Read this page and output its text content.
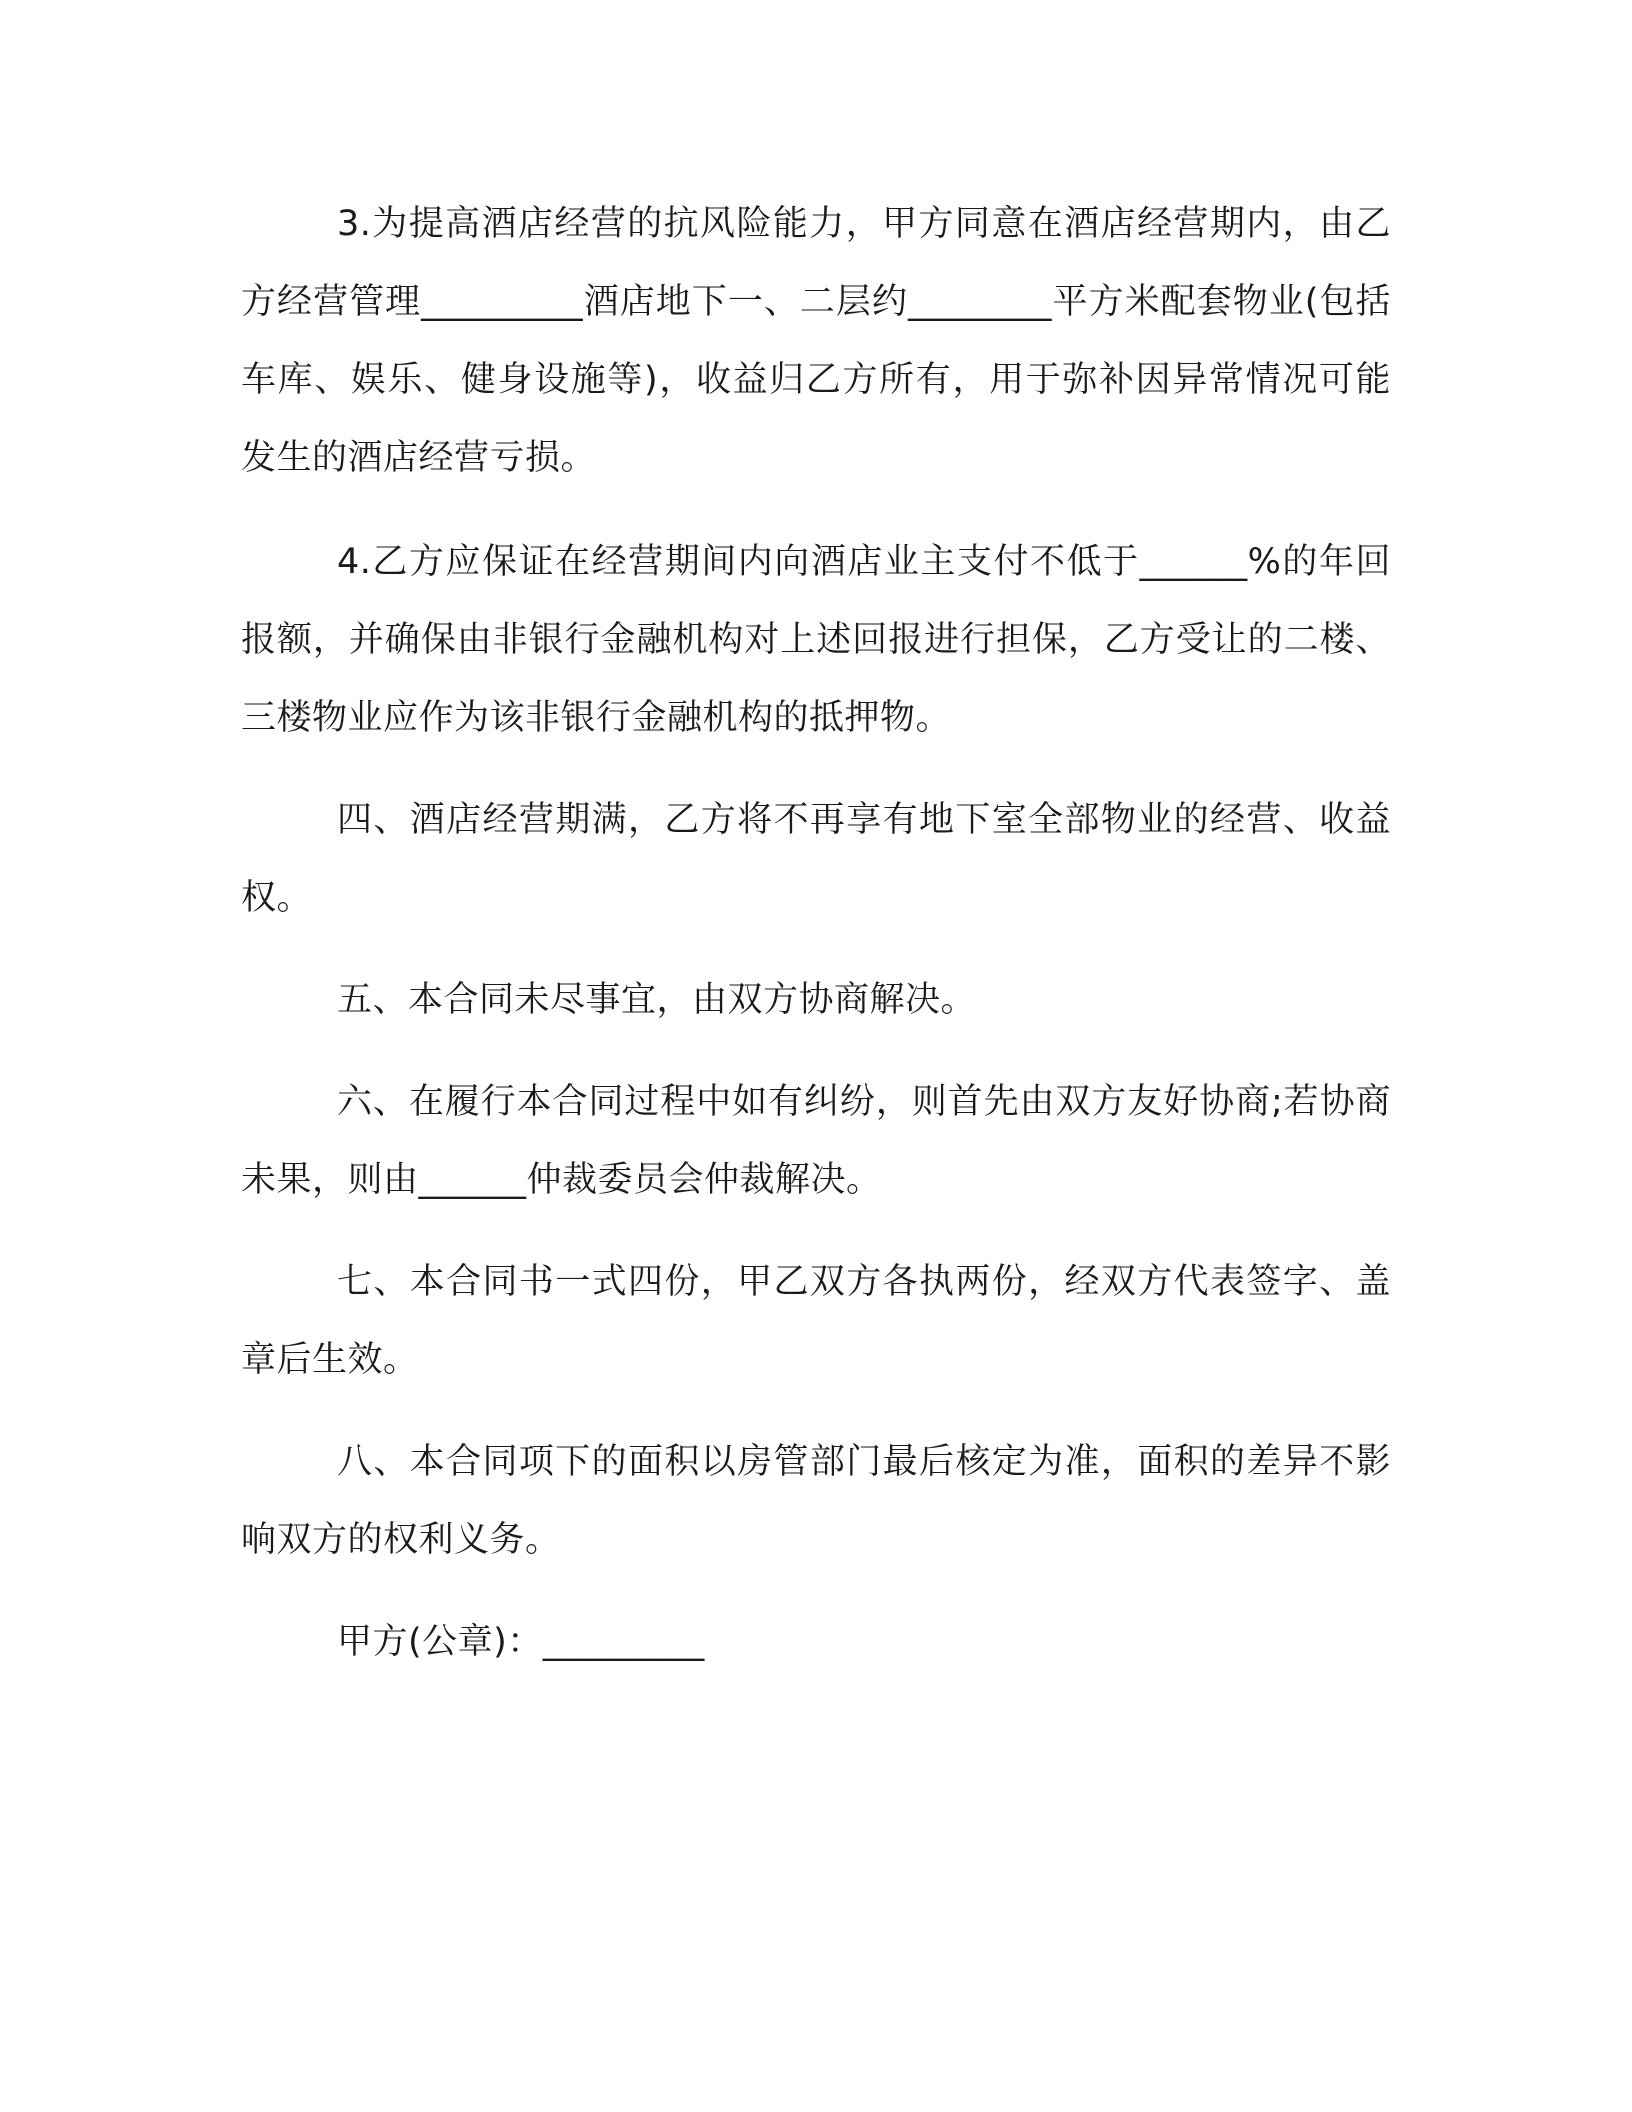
3.为提高酒店经营的抗风险能力，甲方同意在酒店经营期内，由乙方经营管理_________酒店地下一、二层约________平方米配套物业(包括车库、娱乐、健身设施等)，收益归乙方所有，用于弥补因异常情况可能发生的酒店经营亏损。

4.乙方应保证在经营期间内向酒店业主支付不低于______%的年回报额，并确保由非银行金融机构对上述回报进行担保，乙方受让的二楼、三楼物业应作为该非银行金融机构的抵押物。

四、酒店经营期满，乙方将不再享有地下室全部物业的经营、收益权。

五、本合同未尽事宜，由双方协商解决。

六、在履行本合同过程中如有纠纷，则首先由双方友好协商;若协商未果，则由______仲裁委员会仲裁解决。

七、本合同书一式四份，甲乙双方各执两份，经双方代表签字、盖章后生效。

八、本合同项下的面积以房管部门最后核定为准，面积的差异不影响双方的权利义务。

甲方(公章)：_________
